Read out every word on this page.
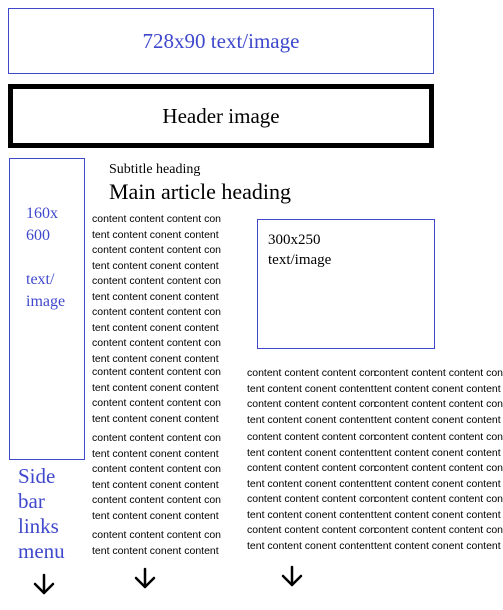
728x90 text/image
Header image
160x
600

text/
image
Side
bar
links
menu
Subtitle heading
Main article heading
300x250
text/image
content content content con
tent content conent content
content content content con
tent content conent content
content content content con
tent content conent content
content content content con
tent content conent content
content content content con
tent content conent content
content content content con
tent content conent content
content content content con
tent content conent content
content content content con
tent content conent content
content content content con
tent content conent content
content content content con
tent content conent content
content content content con
tent content conent content
content content content con
tent content conent content
content content content con
tent content conent content
content content content con
tent content conent content
content content content con
tent content conent content
content content content con
tent content conent content
content content content con
tent content conent content
content content content con
tent content conent content
content content content con
tent content conent content
content content content con
tent content conent content
content content content con
tent content conent content
content content content con
tent content conent content
content content content con
tent content conent content
